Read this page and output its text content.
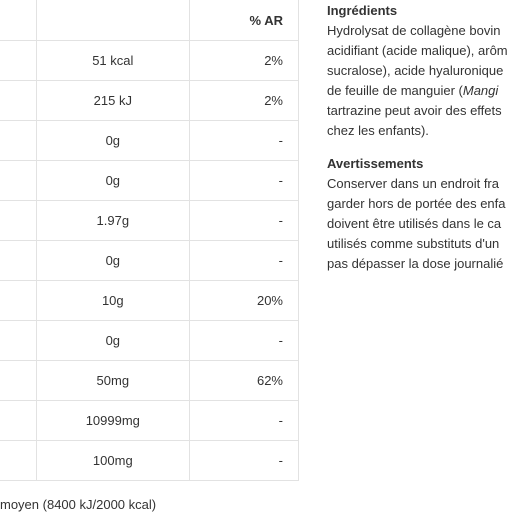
		% AR
	51 kcal	2%
	215 kJ	2%
	0g	-
	0g	-
	1.97g	-
	0g	-
	10g	20%
	0g	-
	50mg	62%
	10999mg	-
	100mg	-
moyen (8400 kJ/2000 kcal)
Ingrédients

Hydrolysat de collagène bovin

acidifiant (acide malique), arôm

sucralose), acide hyaluronique

de feuille de manguier (Mangi

tartrazine peut avoir des effets

chez les enfants).

Avertissements

Conserver dans un endroit fra

garder hors de portée des enfa

doivent être utilisés dans le ca

utilisés comme substituts d'un

pas dépasser la dose journalié
